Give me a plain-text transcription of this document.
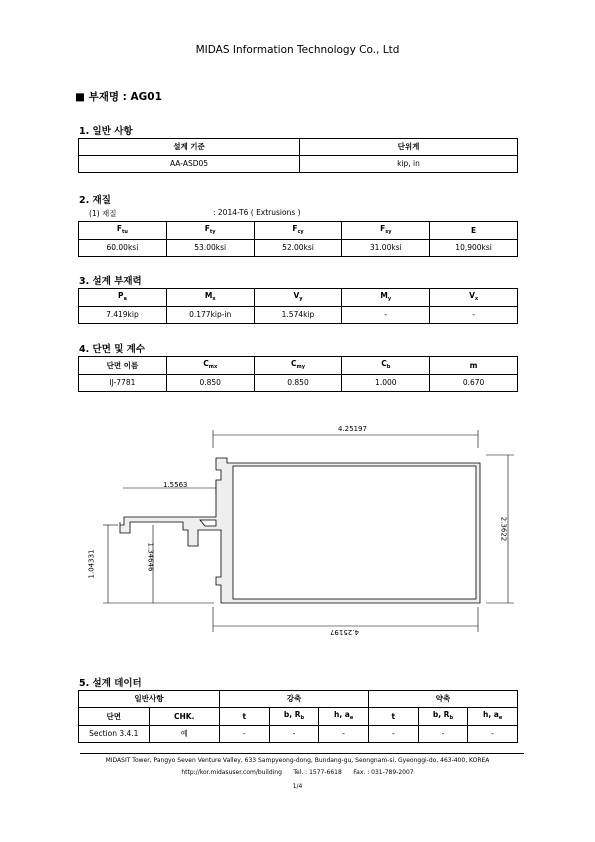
MIDAS Information Technology Co., Ltd
■ 부재명 : AG01
1. 일반 사항
설계 기준	단위계
AA-ASD05	kip, in
2. 재질
(1) 재질	: 2014-T6 ( Extrusions )
$F_{tu}$	$F_{ty}$	$F_{cy}$	$F_{sy}$	E
60.00ksi	53.00ksi	52.00ksi	31.00ksi	10,900ksi
3. 설계 부재력
$P_a$	$M_x$	$V_y$	$M_y$	$V_x$
7.419kip	0.177kip-in	1.574kip	-	-
4. 단면 및 계수
단면 이름	$C_{mx}$	$C_{my}$	$C_b$	m
IJ-7781	0.850	0.850	1.000	0.670
4.25197
4.25197
2.3622
1.5563
1.34646
1.04331
5. 설계 데이터
일반사항		강축			약축		
단면	CHK.	t	b, $R_b$	h, $a_e$	t	b, $R_b$	h, $a_e$
Section 3.4.1	예	-	-	-	-	-	-
MIDASIT Tower, Pangyo Seven Venture Valley, 633 Sampyeong-dong, Bundang-gu, Seongnam-si, Gyeonggi-do, 463-400, KOREA
http://kor.midasuser.com/building      Tel. : 1577-6618      Fax. : 031-789-2007
1/4
